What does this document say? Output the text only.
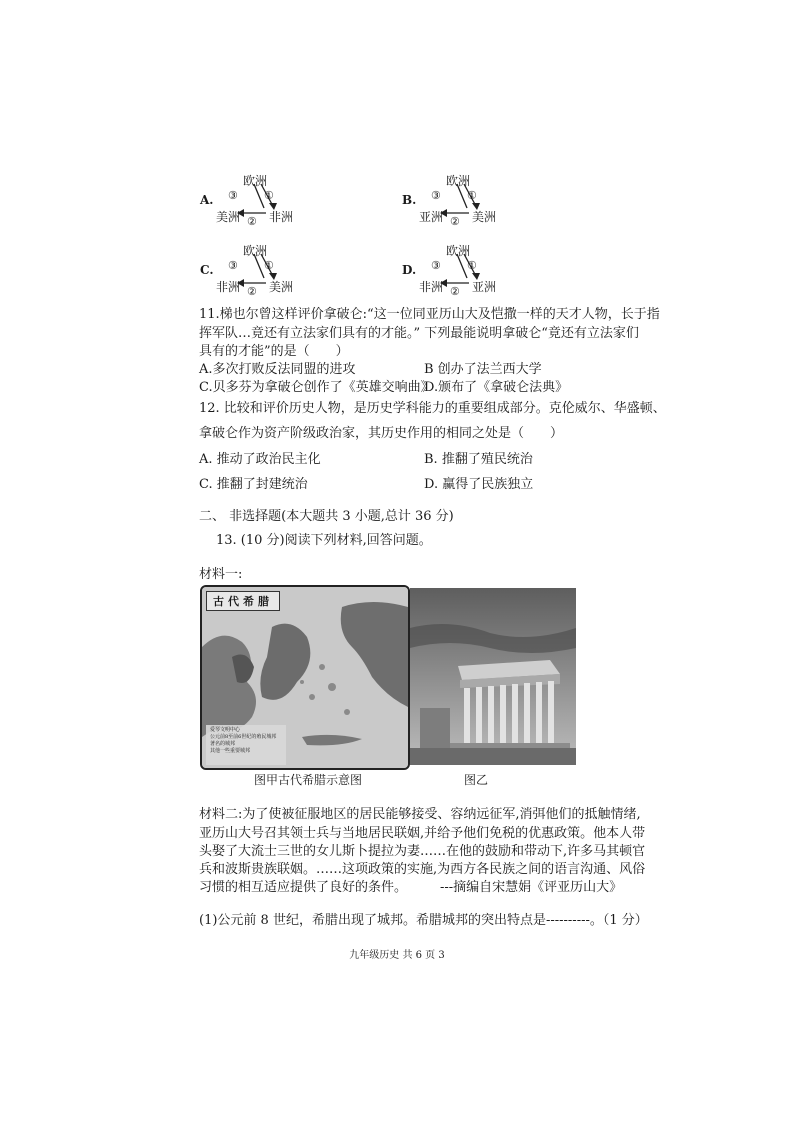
A.
欧洲
美洲 非洲
③ ①
②
B.
欧洲
亚洲 美洲
③ ①
②
C.
欧洲
非洲 美洲
③ ①
②
D.
欧洲
非洲 亚洲
③ ①
②
11.梯也尔曾这样评价拿破仑:“这一位同亚历山大及恺撒一样的天才人物，长于指
挥军队…竟还有立法家们具有的才能。” 下列最能说明拿破仑“竟还有立法家们
具有的才能”的是（　　）
A.多次打败反法同盟的进攻	B 创办了法兰西大学
C.贝多芬为拿破仑创作了《英雄交响曲》
D.颁布了《拿破仑法典》
12. 比较和评价历史人物，是历史学科能力的重要组成部分。克伦威尔、华盛顿、
拿破仑作为资产阶级政治家，其历史作用的相同之处是（　　）
A. 推动了政治民主化	B. 推翻了殖民统治
C. 推翻了封建统治	D. 赢得了民族独立
二、 非选择题(本大题共 3 小题,总计 36 分)
13. (10 分)阅读下列材料,回答问题。
材料一:
古代希腊
爱琴文明中心
公元前8至前6世纪的殖民城邦
著名的城邦
其他一些重要城邦
图甲古代希腊示意图	图乙
材料二:为了使被征服地区的居民能够接受、容纳远征军,消弭他们的抵触情绪,
亚历山大号召其领士兵与当地居民联姻,并给予他们免税的优惠政策。他本人带
头娶了大流士三世的女儿斯卜提拉为妻……在他的鼓励和带动下,许多马其顿官
兵和波斯贵族联姻。……这项政策的实施,为西方各民族之间的语言沟通、风俗
习惯的相互适应提供了良好的条件。	---摘编自宋慧娟《评亚历山大》
(1)公元前 8 世纪，希腊出现了城邦。希腊城邦的突出特点是----------。（1 分）
九年级历史 共 6 页 3
